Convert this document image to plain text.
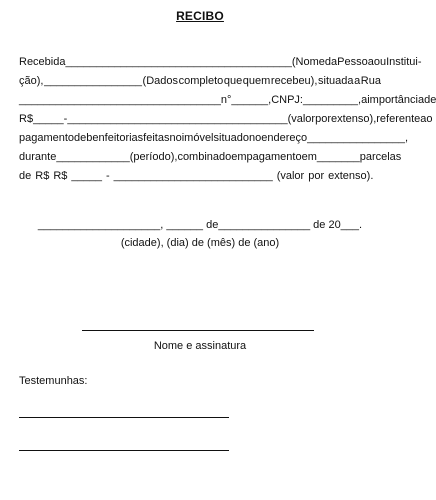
RECIBO
Recebi da _____________________________________ (Nome da Pessoa ou Institui-
ção), ________________ (Dados completo que quem recebeu), situada a Rua
_________________________________ n° ______, CNPJ: _________, a importância de
R$ _____ - ____________________________________ (valor por extenso), referente ao
pagamento de benfeitorias feitas no imóvel situado no endereço ________________,
durante ____________ (período), combinado em pagamento em _______ parcelas
de R$ R$ _____ - __________________________ (valor por extenso).
____________________, ______ de_______________ de 20___.
(cidade), (dia) de (mês) de (ano)
Nome e assinatura
Testemunhas:
